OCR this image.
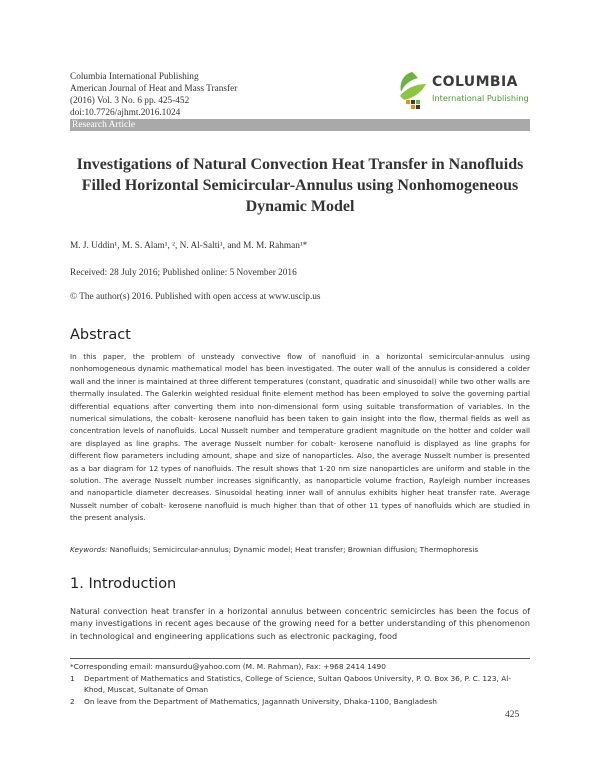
Columbia International Publishing
American Journal of Heat and Mass Transfer
(2016) Vol. 3 No. 6 pp. 425-452
doi:10.7726/ajhmt.2016.1024
COLUMBIA
International Publishing
Research Article
Investigations of Natural Convection Heat Transfer in Nanofluids Filled Horizontal Semicircular-Annulus using Nonhomogeneous Dynamic Model
M. J. Uddin¹, M. S. Alam¹, ², N. Al-Salti¹, and M. M. Rahman¹*
Received: 28 July 2016; Published online: 5 November 2016
© The author(s) 2016. Published with open access at www.uscip.us
Abstract
In this paper, the problem of unsteady convective flow of nanofluid in a horizontal semicircular-annulus using nonhomogeneous dynamic mathematical model has been investigated. The outer wall of the annulus is considered a colder wall and the inner is maintained at three different temperatures (constant, quadratic and sinusoidal) while two other walls are thermally insulated. The Galerkin weighted residual finite element method has been employed to solve the governing partial differential equations after converting them into non-dimensional form using suitable transformation of variables. In the numerical simulations, the cobalt- kerosene nanofluid has been taken to gain insight into the flow, thermal fields as well as concentration levels of nanofluids. Local Nusselt number and temperature gradient magnitude on the hotter and colder wall are displayed as line graphs. The average Nusselt number for cobalt- kerosene nanofluid is displayed as line graphs for different flow parameters including amount, shape and size of nanoparticles. Also, the average Nusselt number is presented as a bar diagram for 12 types of nanofluids. The result shows that 1-20 nm size nanoparticles are uniform and stable in the solution. The average Nusselt number increases significantly, as nanoparticle volume fraction, Rayleigh number increases and nanoparticle diameter decreases. Sinusoidal heating inner wall of annulus exhibits higher heat transfer rate. Average Nusselt number of cobalt- kerosene nanofluid is much higher than that of other 11 types of nanofluids which are studied in the present analysis.
Keywords: Nanofluids; Semicircular-annulus; Dynamic model; Heat transfer; Brownian diffusion; Thermophoresis
1. Introduction
Natural convection heat transfer in a horizontal annulus between concentric semicircles has been the focus of many investigations in recent ages because of the growing need for a better understanding of this phenomenon in technological and engineering applications such as electronic packaging, food
*Corresponding email: mansurdu@yahoo.com (M. M. Rahman), Fax: +968 2414 1490
1 Department of Mathematics and Statistics, College of Science, Sultan Qaboos University, P. O. Box 36, P. C. 123, Al-Khod, Muscat, Sultanate of Oman
2 On leave from the Department of Mathematics, Jagannath University, Dhaka-1100, Bangladesh
425
